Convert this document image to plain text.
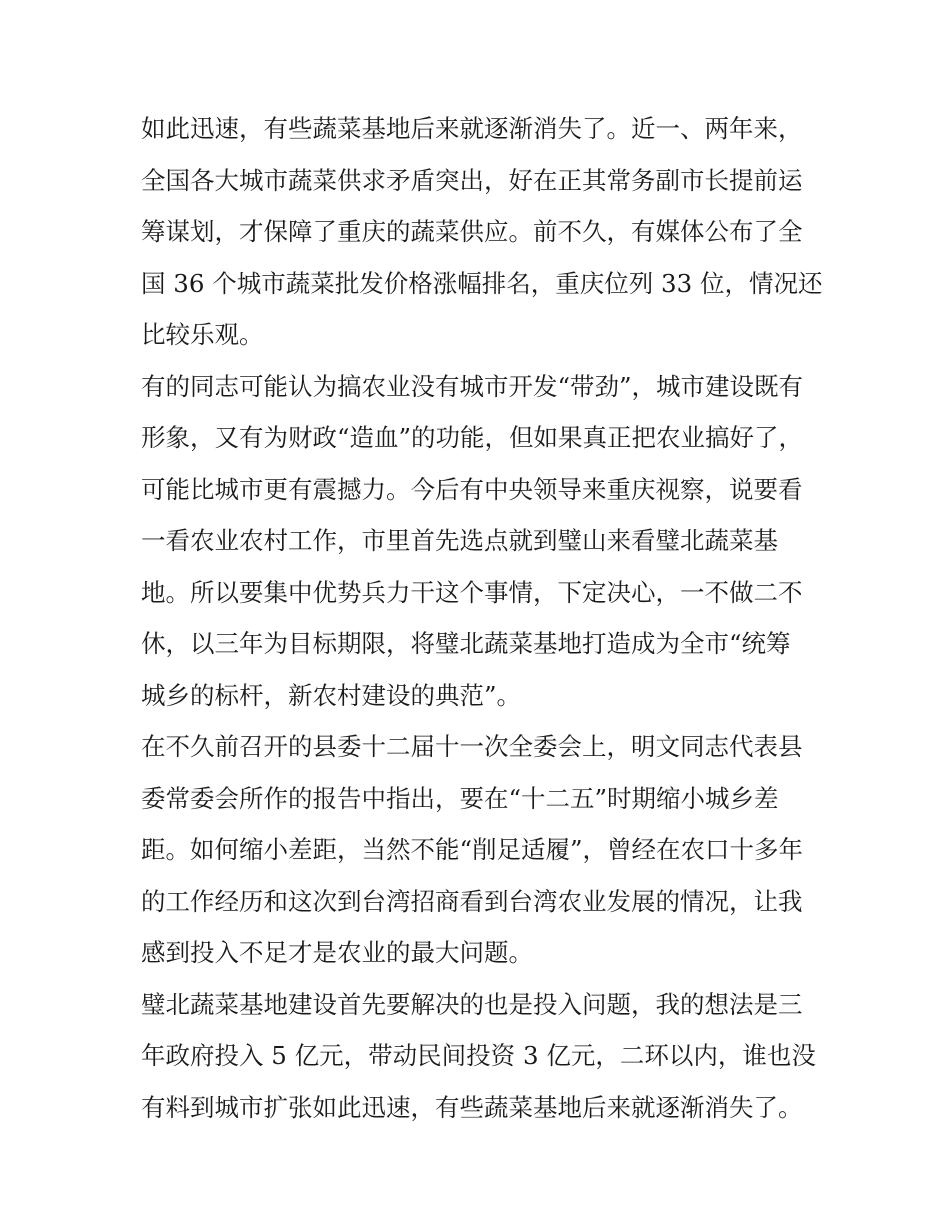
如此迅速，有些蔬菜基地后来就逐渐消失了。近一、两年来，
全国各大城市蔬菜供求矛盾突出，好在正其常务副市长提前运
筹谋划，才保障了重庆的蔬菜供应。前不久，有媒体公布了全
国 36 个城市蔬菜批发价格涨幅排名，重庆位列 33 位，情况还
比较乐观。

有的同志可能认为搞农业没有城市开发“带劲”，城市建设既有
形象，又有为财政“造血”的功能，但如果真正把农业搞好了，
可能比城市更有震撼力。今后有中央领导来重庆视察，说要看
一看农业农村工作，市里首先选点就到璧山来看璧北蔬菜基
地。所以要集中优势兵力干这个事情，下定决心，一不做二不
休，以三年为目标期限，将璧北蔬菜基地打造成为全市“统筹
城乡的标杆，新农村建设的典范”。

在不久前召开的县委十二届十一次全委会上，明文同志代表县
委常委会所作的报告中指出，要在“十二五”时期缩小城乡差
距。如何缩小差距，当然不能“削足适履”，曾经在农口十多年
的工作经历和这次到台湾招商看到台湾农业发展的情况，让我
感到投入不足才是农业的最大问题。

璧北蔬菜基地建设首先要解决的也是投入问题，我的想法是三
年政府投入 5 亿元，带动民间投资 3 亿元，二环以内，谁也没
有料到城市扩张如此迅速，有些蔬菜基地后来就逐渐消失了。
